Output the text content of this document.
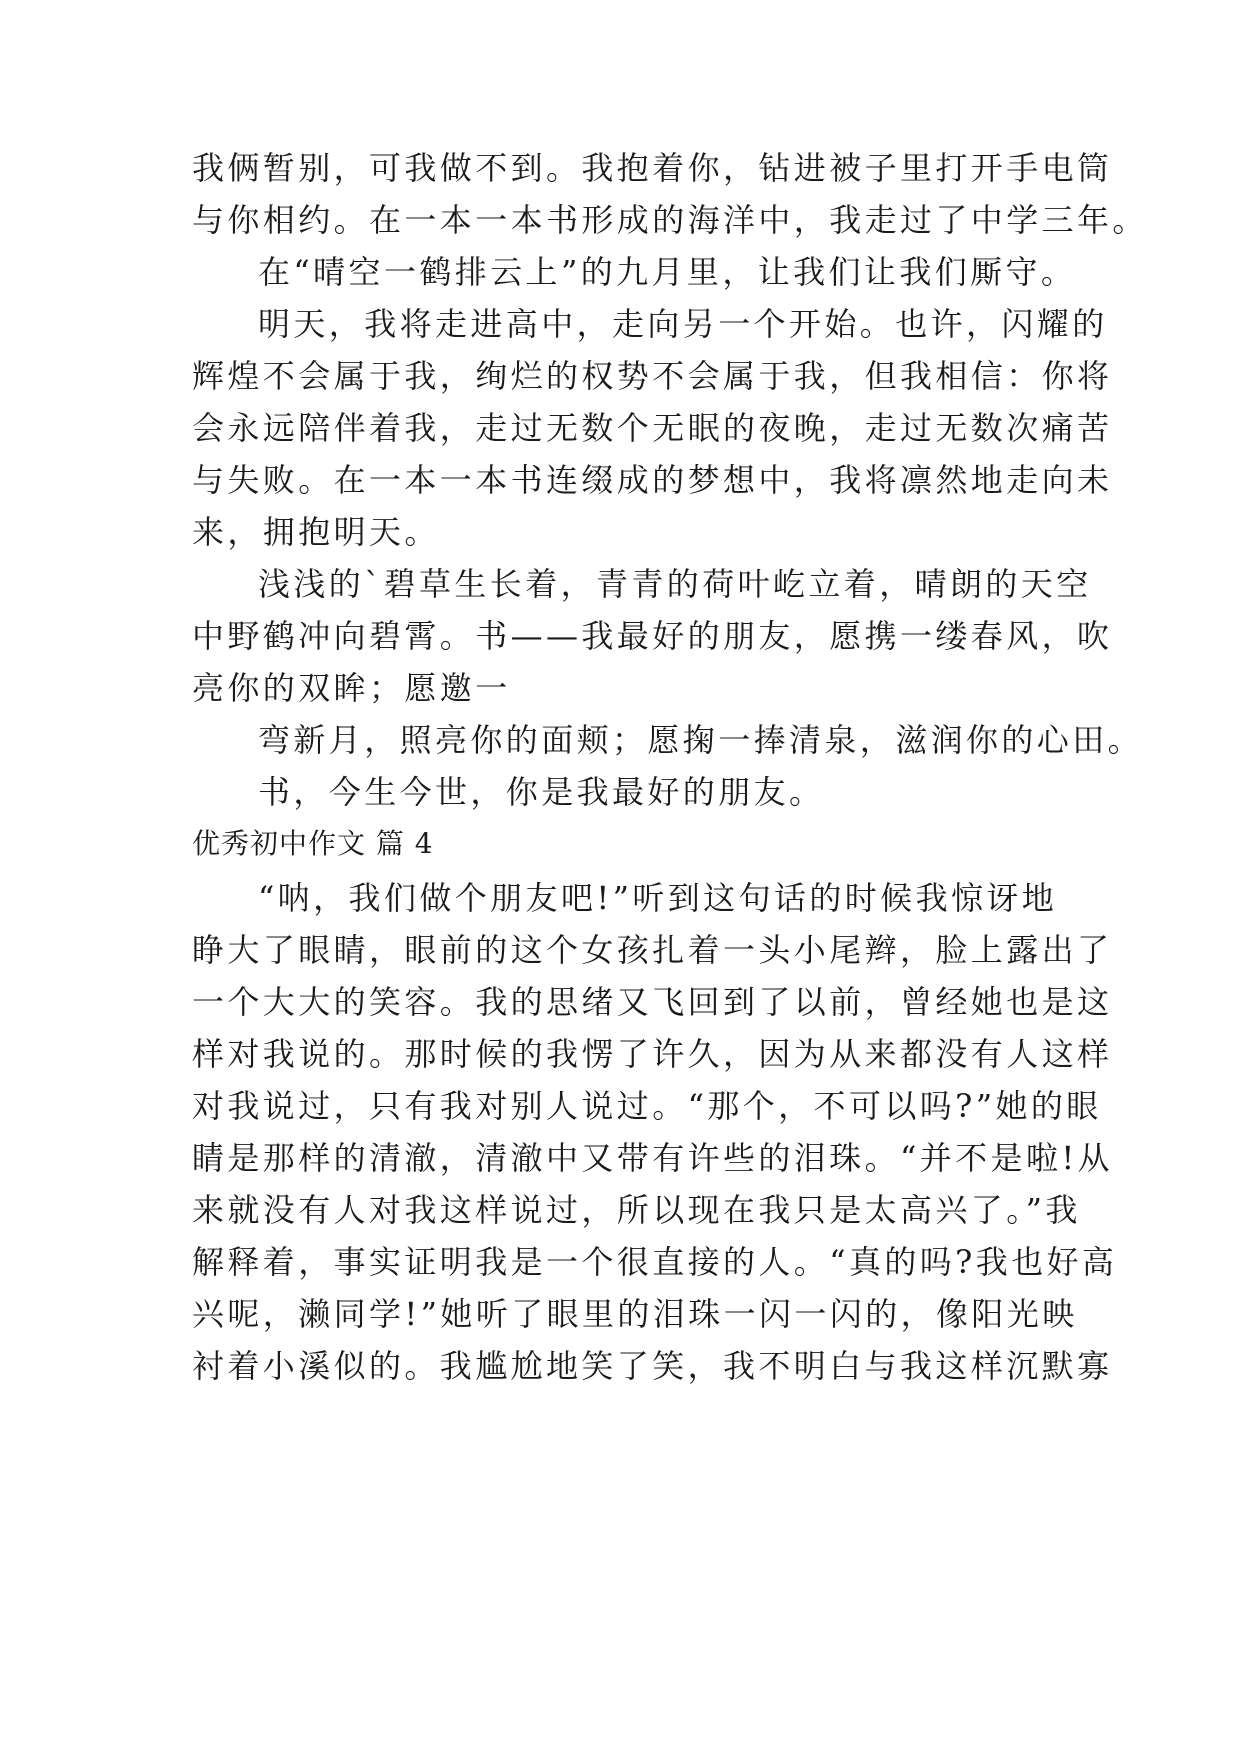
我俩暂别，可我做不到。我抱着你，钻进被子里打开手电筒
与你相约。在一本一本书形成的海洋中，我走过了中学三年。
在“晴空一鹤排云上”的九月里，让我们让我们厮守。
明天，我将走进高中，走向另一个开始。也许，闪耀的
辉煌不会属于我，绚烂的权势不会属于我，但我相信：你将
会永远陪伴着我，走过无数个无眠的夜晚，走过无数次痛苦
与失败。在一本一本书连缀成的梦想中，我将凛然地走向未
来，拥抱明天。
浅浅的`碧草生长着，青青的荷叶屹立着，晴朗的天空
中野鹤冲向碧霄。书——我最好的朋友，愿携一缕春风，吹
亮你的双眸；愿邀一
弯新月，照亮你的面颊；愿掬一捧清泉，滋润你的心田。
书，今生今世，你是我最好的朋友。
优秀初中作文 篇 4
“呐，我们做个朋友吧!”听到这句话的时候我惊讶地
睁大了眼睛，眼前的这个女孩扎着一头小尾辫，脸上露出了
一个大大的笑容。我的思绪又飞回到了以前，曾经她也是这
样对我说的。那时候的我愣了许久，因为从来都没有人这样
对我说过，只有我对别人说过。“那个，不可以吗?”她的眼
睛是那样的清澈，清澈中又带有许些的泪珠。“并不是啦!从
来就没有人对我这样说过，所以现在我只是太高兴了。”我
解释着，事实证明我是一个很直接的人。“真的吗?我也好高
兴呢，濑同学!”她听了眼里的泪珠一闪一闪的，像阳光映
衬着小溪似的。我尴尬地笑了笑，我不明白与我这样沉默寡
